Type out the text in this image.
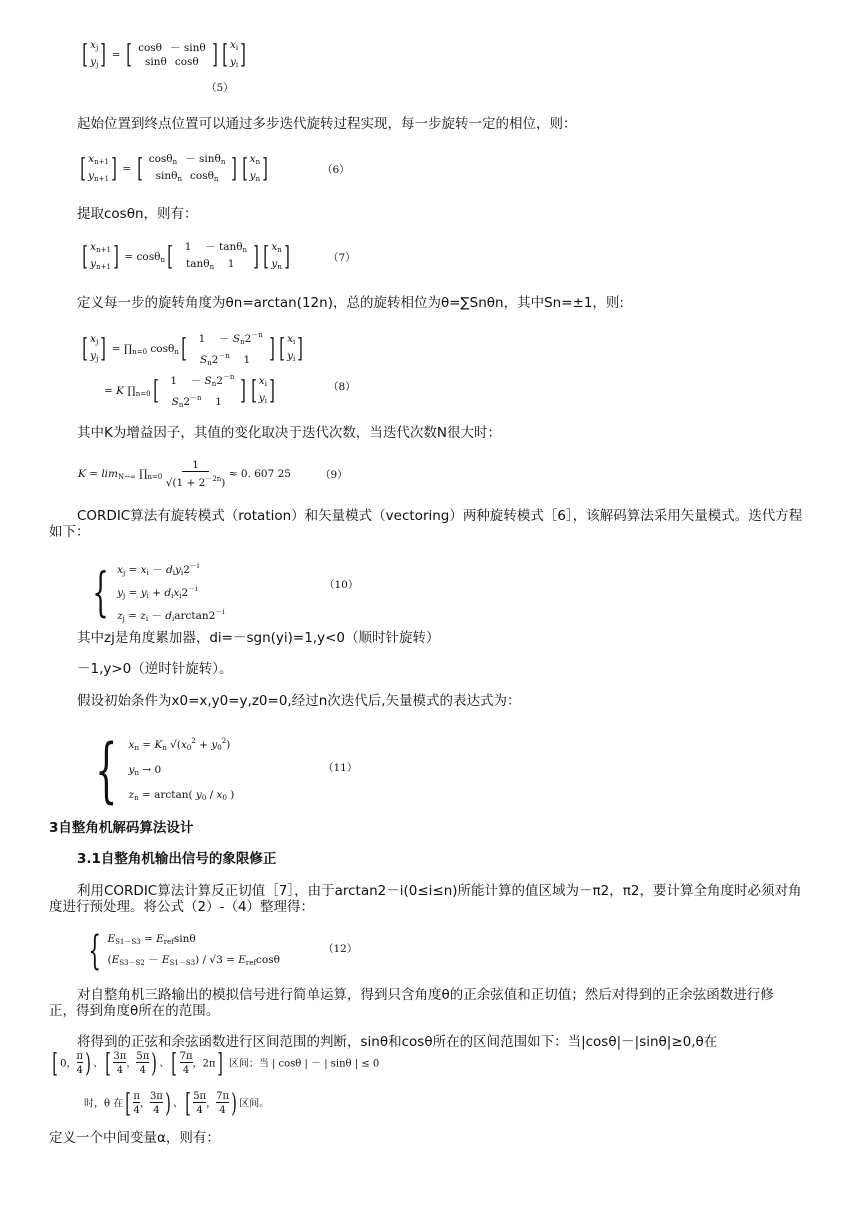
[ $x_j$
$y_j$] = [ cosθ － sinθ
sinθ cosθ ] [ $x_i$
$y_i$]
（5）
起始位置到终点位置可以通过多步迭代旋转过程实现，每一步旋转一定的相位，则：
[ $x_{n+1}$
$y_{n+1}$] = [ cosθ$_n$ － sinθ$_n$
sinθ$_n$ cosθ$_n$ ] [ $x_n$
$y_n$]	（6）
提取cosθn，则有：
[ $x_{n+1}$
$y_{n+1}] = \cos\theta_n$[ 1 － tanθ$_n$
tanθ$_n$ 1 ] [ $x_n$
$y_n$]	（7）
定义每一步的旋转角度为θn=arctan(12n)，总的旋转相位为θ=∑Snθn，其中Sn=±1，则:
[ $x_j$
$y_j$] = $\prod_{n=0}$ cosθ$_n$[ $1 - S_n2^{-n}$
$S_n2^{-n}$ 1 ] [ $x_i$
$y_i$]
= K $\prod_{n=0}$[ $1 - S_n2^{-n}$
$S_n2^{-n}$ 1 ] [ $x_i$
$y_i$]	（8）
其中K为增益因子，其值的变化取决于迭代次数，当迭代次数N很大时：
$K = \lim_{N\to\infty}$ $\prod_{n=0}$ 1
$√(1 + 2^{-2n}) \approx 0$. 607 25	（9）
CORDIC算法有旋转模式（rotation）和矢量模式（vectoring）两种旋转模式［6］，该解码算法采用矢量模式。迭代方程
如下：
{ $x_j = x_i - d_iy_i2^{-i}$
$y_j = y_i + d_ix_i2^{-i}$
$z_j = z_i - d_i\arctan 2^{-i}$
（10）
其中zj是角度累加器，di=－sgn(yi)=1,y<0（顺时针旋转）
－1,y>0（逆时针旋转）。
假设初始条件为x0=x,y0=y,z0=0,经过n次迭代后,矢量模式的表达式为：
{ $x_n = K_n$ $√(x_0^2 + y_0^2)$
$y_n \to 0$
$z_n = \arctan$( $y_0 / x_0$ )
（11）
3自整角机解码算法设计
3.1自整角机输出信号的象限修正
利用CORDIC算法计算反正切值［7］，由于arctan2－i(0≤i≤n)所能计算的值区域为－π2，π2，要计算全角度时必须对角
度进行预处理。将公式（2）-（4）整理得：
{ $E_{S1-S3} = E_{ref}\sin\theta$
$(E_{S3-S2} - E_{S1-S3}) / √3 = E_{ref}\cos\theta$
（12）
对自整角机三路输出的模拟信号进行简单运算，得到只含角度θ的正余弦值和正切值；然后对得到的正余弦函数进行修
正，得到角度θ所在的范围。
将得到的正弦和余弦函数进行区间范围的判断，sinθ和cosθ所在的区间范围如下：当|cosθ|－|sinθ|≥0,θ在
[ 0，π
4) 、[ 3π
4，5π
4 ) 、[ 7π
4，2π] 区间；当 | cosθ | － | sinθ | ≤ 0
时，θ 在[ π
4，3π
4 ) 、[ 5π
4，7π
4 ) 区间。
定义一个中间变量α，则有：
